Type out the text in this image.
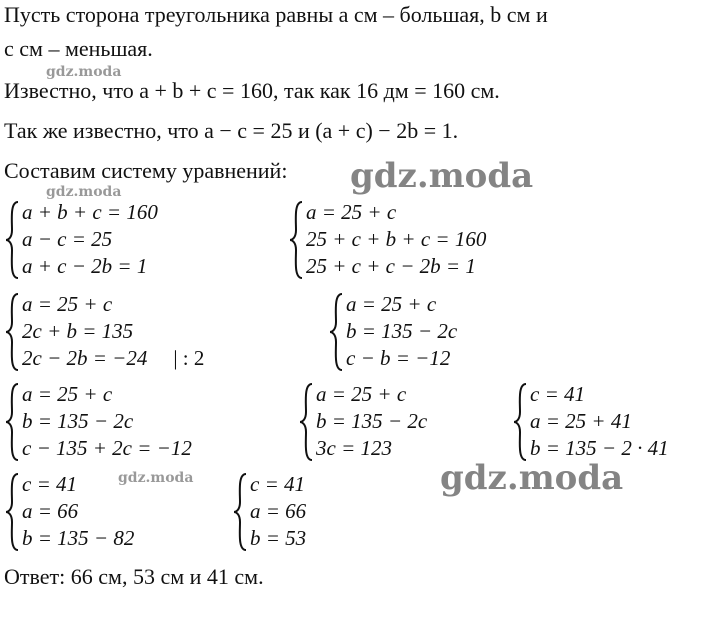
Пусть сторона треугольника равны a см – большая, b см и
c см – меньшая.
Известно, что a + b + c = 160, так как 16 дм = 160 см.
Так же известно, что a − c = 25 и (a + c) − 2b = 1.
Составим систему уравнений:
a + b + c = 160
a − c = 25
a + c − 2b = 1
a = 25 + c
25 + c + b + c = 160
25 + c + c − 2b = 1
a = 25 + c
2c + b = 135
2c − 2b = −24 | : 2
a = 25 + c
b = 135 − 2c
c − b = −12
a = 25 + c
b = 135 − 2c
c − 135 + 2c = −12
a = 25 + c
b = 135 − 2c
3c = 123
c = 41
a = 25 + 41
b = 135 − 2 · 41
c = 41
a = 66
b = 135 − 82
c = 41
a = 66
b = 53
Ответ: 66 см, 53 см и 41 см.
gdz.moda
gdz.moda
gdz.moda
gdz.moda
gdz.moda
